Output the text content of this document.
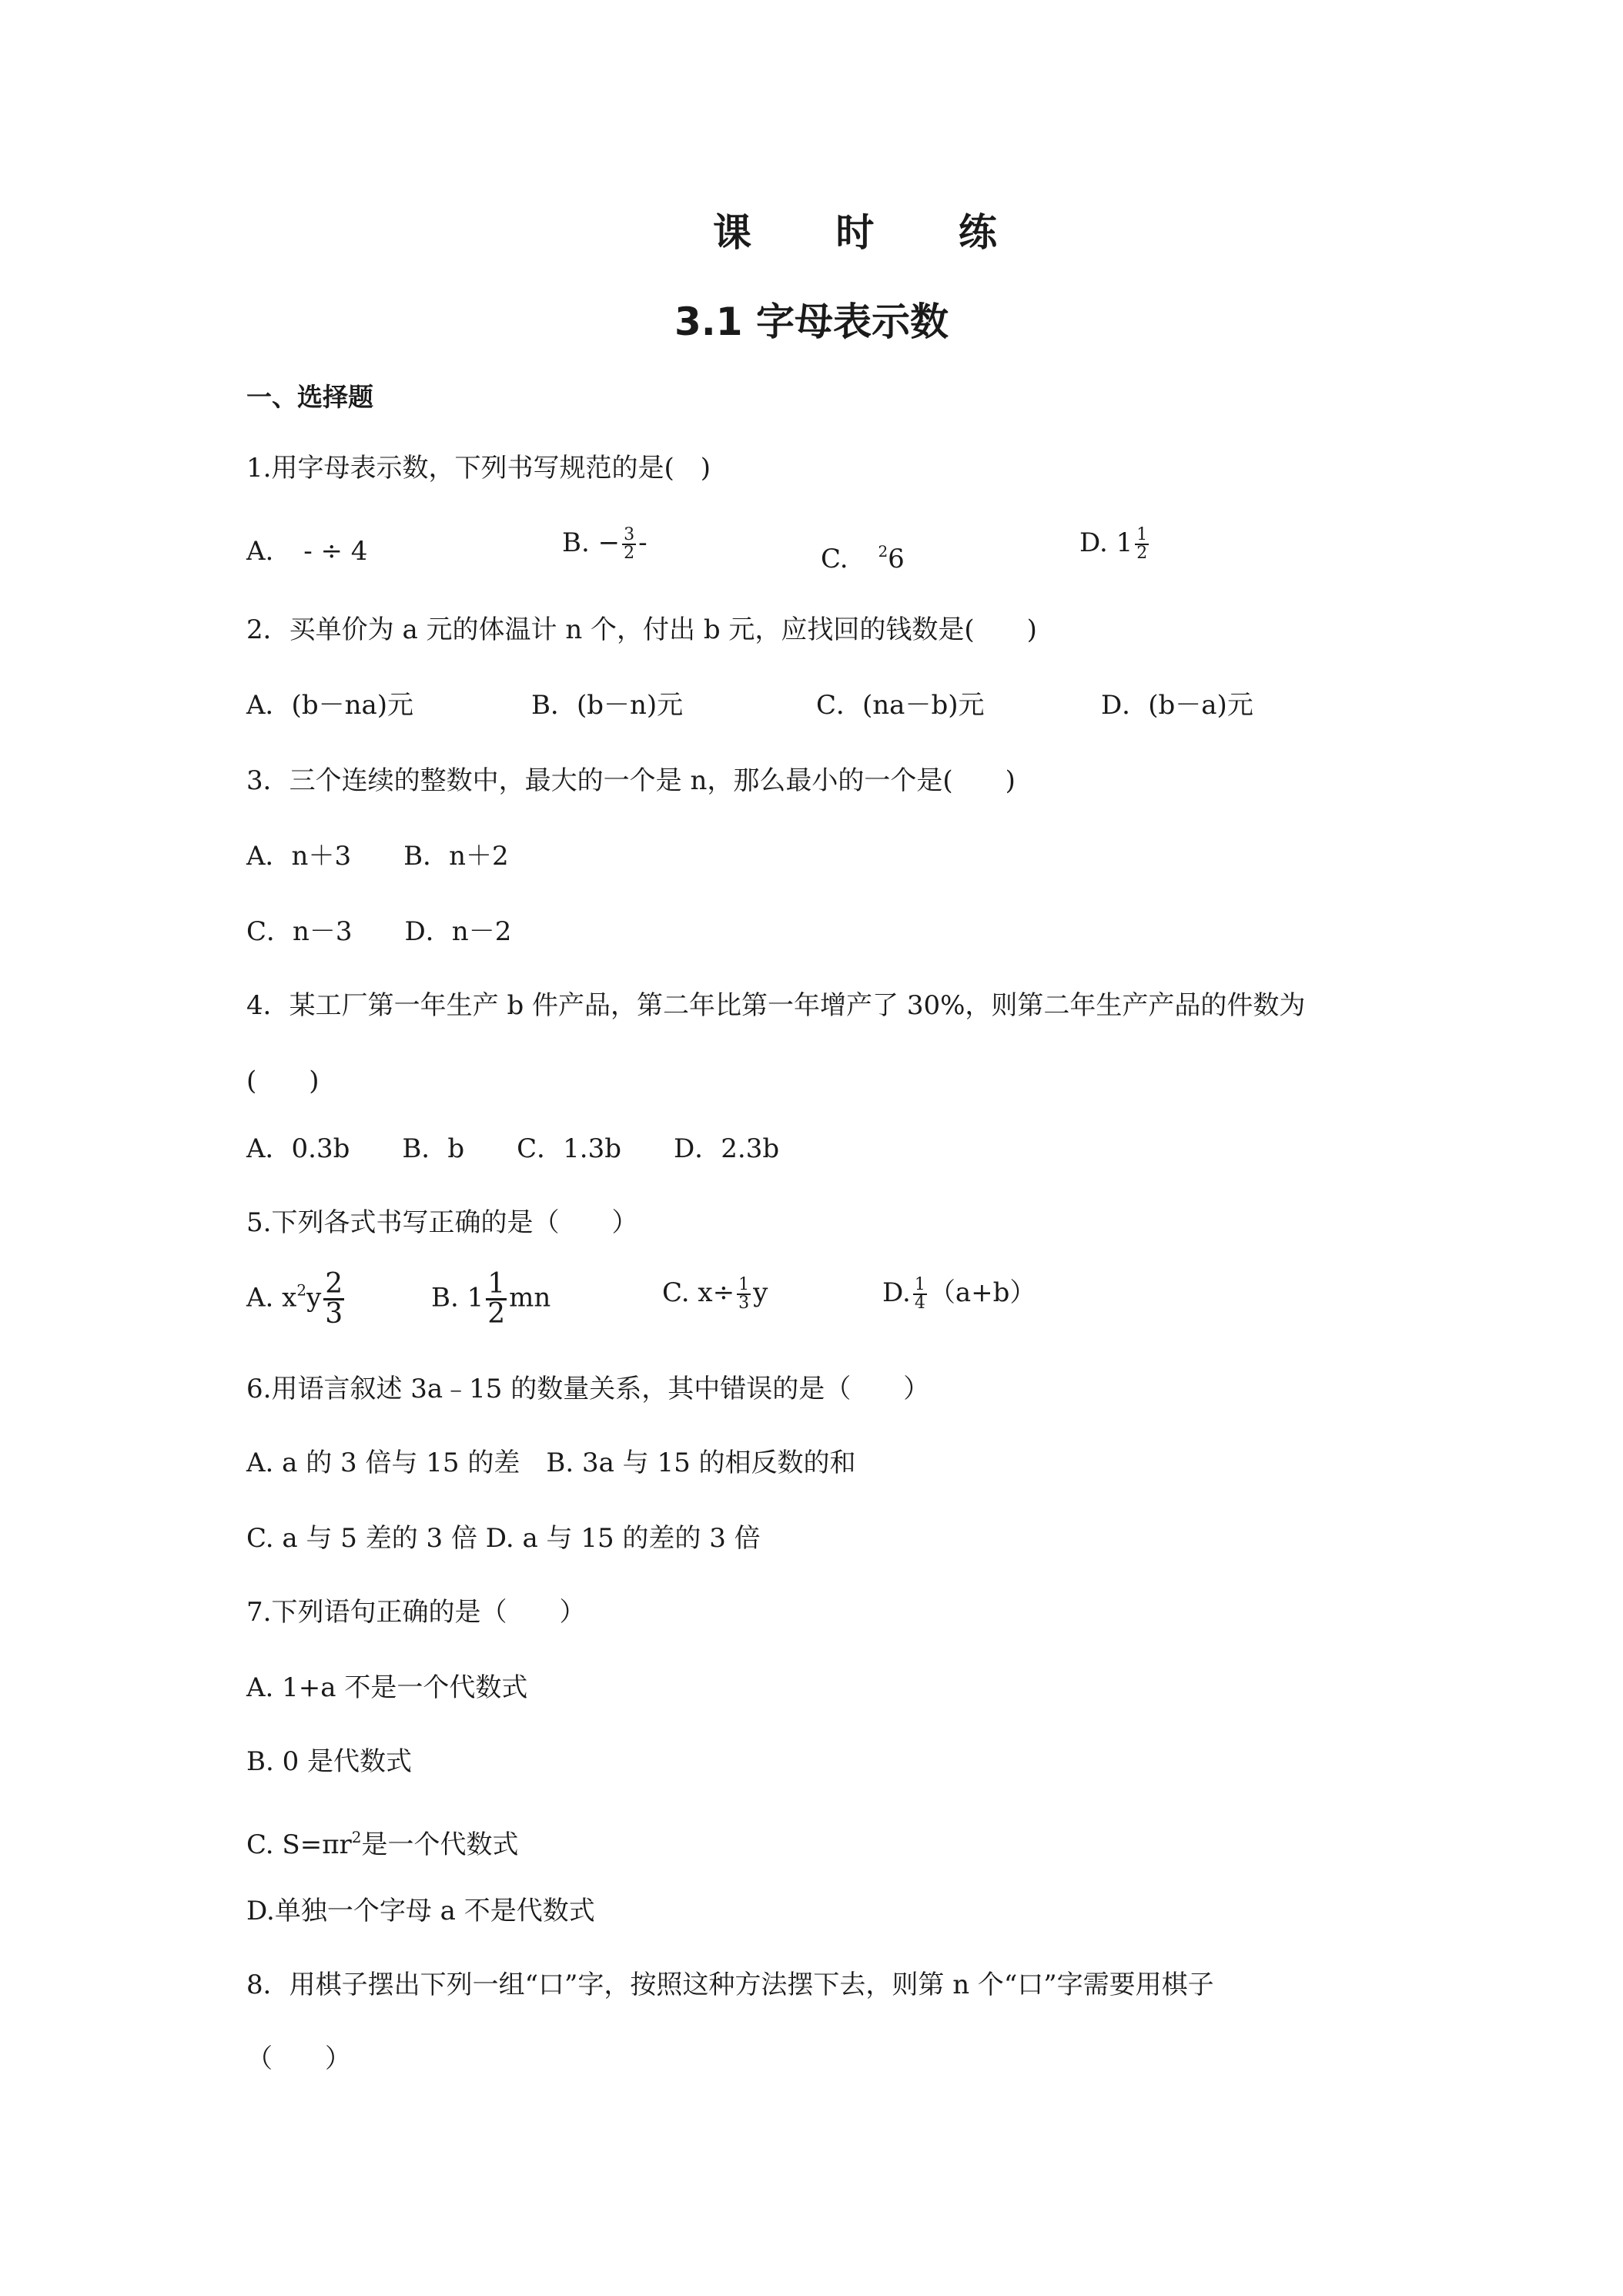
课 时 练
3.1 字母表示数
一、选择题
1.用字母表示数，下列书写规范的是(　)
A. - ÷ 4	B. − $\frac{3}{2}$ -
C. $^2$6
D. $1 \frac{1}{2}$
2．买单价为 a 元的体温计 n 个，付出 b 元，应找回的钱数是(　　)
A．(b－na)元	B．(b－n)元	C．(na－b)元	D．(b－a)元
3．三个连续的整数中，最大的一个是 n，那么最小的一个是(　　)
A．n＋3　　B．n＋2
C．n－3　　D．n－2
4．某工厂第一年生产 b 件产品，第二年比第一年增产了 30%，则第二年生产产品的件数为
(　　)
A．0.3b　　B．b　　C．1.3b　　D．2.3b
5.下列各式书写正确的是（　　）
A. $x^2y \frac{2}{3}$	B. $1 \frac{1}{2}$ mn	C. $x\div \frac{1}{3}$ y	D. $\frac{1}{4} (a+b)$
6.用语言叙述 3a﹣15 的数量关系，其中错误的是（　　）
A. a 的 3 倍与 15 的差　B. 3a 与 15 的相反数的和
C. a 与 5 差的 3 倍 D. a 与 15 的差的 3 倍
7.下列语句正确的是（　　）
A. 1+a 不是一个代数式
B. 0 是代数式
C. $S=\pi r^2$是一个代数式
D.单独一个字母 a 不是代数式
8．用棋子摆出下列一组“口”字，按照这种方法摆下去，则第 n 个“口”字需要用棋子
（　　）
